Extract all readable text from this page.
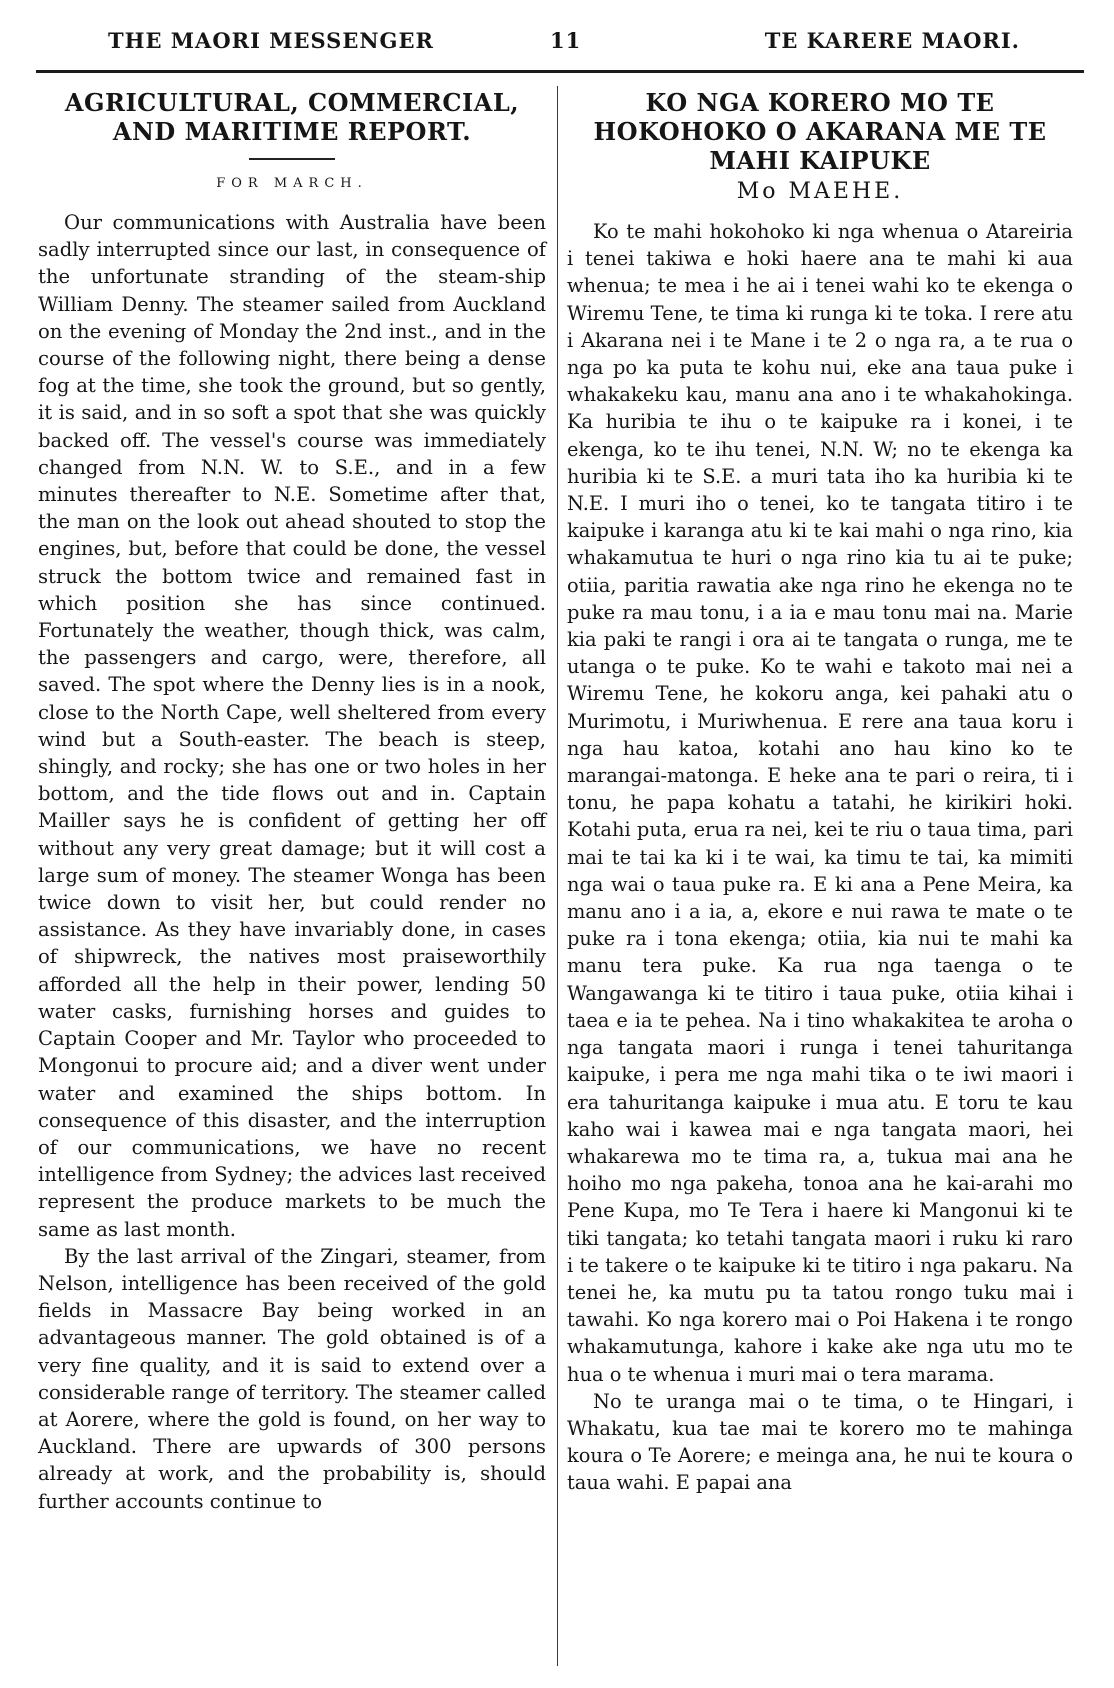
THE MAORI MESSENGER	11	TE KARERE MAORI.
AGRICULTURAL, COMMERCIAL, AND MARITIME REPORT.

FOR MARCH.

Our communications with Australia have been sadly interrupted since our last, in consequence of the unfortunate stranding of the steam-ship William Denny. The steamer sailed from Auckland on the evening of Monday the 2nd inst., and in the course of the following night, there being a dense fog at the time, she took the ground, but so gently, it is said, and in so soft a spot that she was quickly backed off. The vessel's course was immediately changed from N.N. W. to S.E., and in a few minutes thereafter to N.E. Sometime after that, the man on the look out ahead shouted to stop the engines, but, before that could be done, the vessel struck the bottom twice and remained fast in which position she has since continued. Fortunately the weather, though thick, was calm, the passengers and cargo, were, therefore, all saved. The spot where the Denny lies is in a nook, close to the North Cape, well sheltered from every wind but a South-easter. The beach is steep, shingly, and rocky; she has one or two holes in her bottom, and the tide flows out and in. Captain Mailler says he is confident of getting her off without any very great damage; but it will cost a large sum of money. The steamer Wonga has been twice down to visit her, but could render no assistance. As they have invariably done, in cases of shipwreck, the natives most praiseworthily afforded all the help in their power, lending 50 water casks, furnishing horses and guides to Captain Cooper and Mr. Taylor who proceeded to Mongonui to procure aid; and a diver went under water and examined the ships bottom. In consequence of this disaster, and the interruption of our communications, we have no recent intelligence from Sydney; the advices last received represent the produce markets to be much the same as last month.

By the last arrival of the Zingari, steamer, from Nelson, intelligence has been received of the gold fields in Massacre Bay being worked in an advantageous manner. The gold obtained is of a very fine quality, and it is said to extend over a considerable range of territory. The steamer called at Aorere, where the gold is found, on her way to Auckland. There are upwards of 300 persons already at work, and the probability is, should further accounts continue to

KO NGA KORERO MO TE HOKOHOKO O AKARANA ME TE MAHI KAIPUKE

Mo MAEHE.

Ko te mahi hokohoko ki nga whenua o Atareiria i tenei takiwa e hoki haere ana te mahi ki aua whenua; te mea i he ai i tenei wahi ko te ekenga o Wiremu Tene, te tima ki runga ki te toka. I rere atu i Akarana nei i te Mane i te 2 o nga ra, a te rua o nga po ka puta te kohu nui, eke ana taua puke i whakakeku kau, manu ana ano i te whakahokinga. Ka huribia te ihu o te kaipuke ra i konei, i te ekenga, ko te ihu tenei, N.N. W; no te ekenga ka huribia ki te S.E. a muri tata iho ka huribia ki te N.E. I muri iho o tenei, ko te tangata titiro i te kaipuke i karanga atu ki te kai mahi o nga rino, kia whakamutua te huri o nga rino kia tu ai te puke; otiia, paritia rawatia ake nga rino he ekenga no te puke ra mau tonu, i a ia e mau tonu mai na. Marie kia paki te rangi i ora ai te tangata o runga, me te utanga o te puke. Ko te wahi e takoto mai nei a Wiremu Tene, he kokoru anga, kei pahaki atu o Murimotu, i Muriwhenua. E rere ana taua koru i nga hau katoa, kotahi ano hau kino ko te marangai-matonga. E heke ana te pari o reira, ti i tonu, he papa kohatu a tatahi, he kirikiri hoki. Kotahi puta, erua ra nei, kei te riu o taua tima, pari mai te tai ka ki i te wai, ka timu te tai, ka mimiti nga wai o taua puke ra. E ki ana a Pene Meira, ka manu ano i a ia, a, ekore e nui rawa te mate o te puke ra i tona ekenga; otiia, kia nui te mahi ka manu tera puke. Ka rua nga taenga o te Wangawanga ki te titiro i taua puke, otiia kihai i taea e ia te pehea. Na i tino whakakitea te aroha o nga tangata maori i runga i tenei tahuritanga kaipuke, i pera me nga mahi tika o te iwi maori i era tahuritanga kaipuke i mua atu. E toru te kau kaho wai i kawea mai e nga tangata maori, hei whakarewa mo te tima ra, a, tukua mai ana he hoiho mo nga pakeha, tonoa ana he kai-arahi mo Pene Kupa, mo Te Tera i haere ki Mangonui ki te tiki tangata; ko tetahi tangata maori i ruku ki raro i te takere o te kaipuke ki te titiro i nga pakaru. Na tenei he, ka mutu pu ta tatou rongo tuku mai i tawahi. Ko nga korero mai o Poi Hakena i te rongo whakamutunga, kahore i kake ake nga utu mo te hua o te whenua i muri mai o tera marama.

No te uranga mai o te tima, o te Hingari, i Whakatu, kua tae mai te korero mo te mahinga koura o Te Aorere; e meinga ana, he nui te koura o taua wahi. E papai ana
